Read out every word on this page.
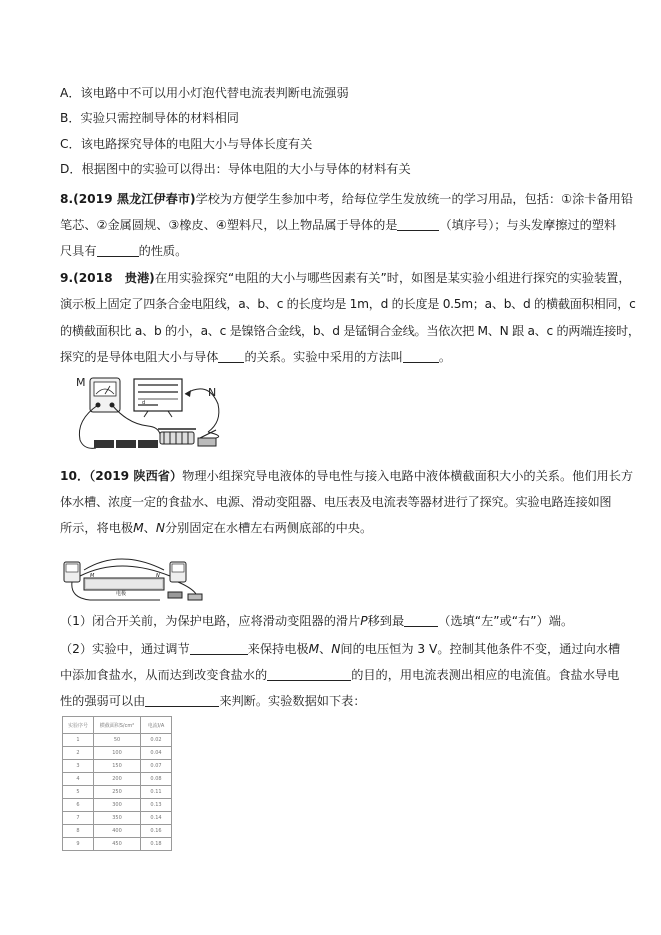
A．该电路中不可以用小灯泡代替电流表判断电流强弱
B．实验只需控制导体的材料相同
C．该电路探究导体的电阻大小与导体长度有关
D．根据图中的实验可以得出：导体电阻的大小与导体的材料有关
8.(2019 黑龙江伊春市)学校为方便学生参加中考，给每位学生发放统一的学习用品，包括：①涂卡备用铅
笔芯、②金属圆规、③橡皮、④塑料尺，以上物品属于导体的是	（填序号）；与头发摩擦过的塑料
尺具有	的性质。
9.(2018　贵港)在用实验探究“电阻的大小与哪些因素有关”时，如图是某实验小组进行探究的实验装置，
演示板上固定了四条合金电阻线，a、b、c 的长度均是 1m，d 的长度是 0.5m；a、b、d 的横截面积相同，c
的横截面积比 a、b 的小，a、c 是镍铬合金线，b、d 是锰铜合金线。当依次把 M、N 跟 a、c 的两端连接时，
探究的是导体电阻大小与导体 的关系。实验中采用的方法叫	。
M
d
N
10．（2019 陕西省）物理小组探究导电液体的导电性与接入电路中液体横截面积大小的关系。他们用长方
体水槽、浓度一定的食盐水、电源、滑动变阻器、电压表及电流表等器材进行了探究。实验电路连接如图
所示，将电极M、N分别固定在水槽左右两侧底部的中央。
M	N
电极
（1）闭合开关前，为保护电路，应将滑动变阻器的滑片P移到最	（选填“左”或“右”）端。
（2）实验中，通过调节	来保持电极M、N间的电压恒为 3 V。控制其他条件不变，通过向水槽
中添加食盐水，从而达到改变食盐水的	的目的，用电流表测出相应的电流值。食盐水导电
性的强弱可以由	来判断。实验数据如下表：
实验序号	横截面积S/cm²	电流I/A
1	50	0.02
2	100	0.04
3	150	0.07
4	200	0.08
5	250	0.11
6	300	0.13
7	350	0.14
8	400	0.16
9	450	0.18
